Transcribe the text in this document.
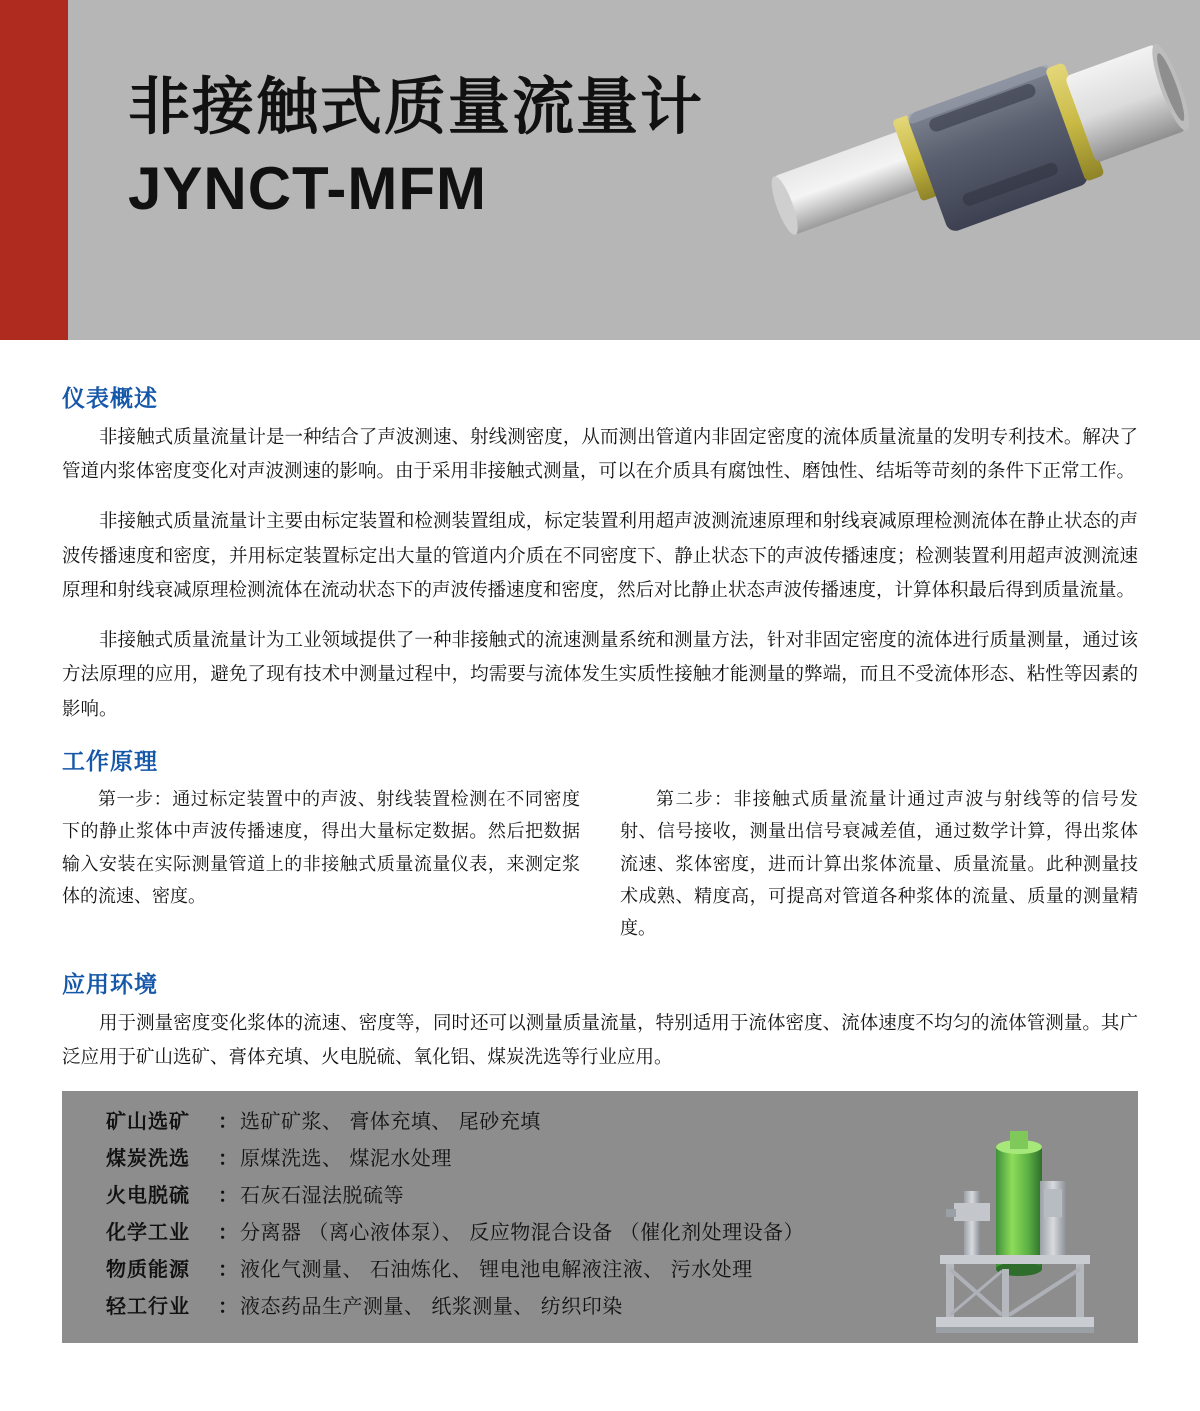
非接触式质量流量计
JYNCT-MFM
仪表概述

非接触式质量流量计是一种结合了声波测速、射线测密度，从而测出管道内非固定密度的流体质量流量的发明专利技术。解决了管道内浆体密度变化对声波测速的影响。由于采用非接触式测量，可以在介质具有腐蚀性、磨蚀性、结垢等苛刻的条件下正常工作。

非接触式质量流量计主要由标定装置和检测装置组成，标定装置利用超声波测流速原理和射线衰减原理检测流体在静止状态的声波传播速度和密度，并用标定装置标定出大量的管道内介质在不同密度下、静止状态下的声波传播速度；检测装置利用超声波测流速原理和射线衰减原理检测流体在流动状态下的声波传播速度和密度，然后对比静止状态声波传播速度，计算体积最后得到质量流量。

非接触式质量流量计为工业领域提供了一种非接触式的流速测量系统和测量方法，针对非固定密度的流体进行质量测量，通过该方法原理的应用，避免了现有技术中测量过程中，均需要与流体发生实质性接触才能测量的弊端，而且不受流体形态、粘性等因素的影响。

工作原理

第一步：通过标定装置中的声波、射线装置检测在不同密度下的静止浆体中声波传播速度，得出大量标定数据。然后把数据输入安装在实际测量管道上的非接触式质量流量仪表，来测定浆体的流速、密度。

第二步：非接触式质量流量计通过声波与射线等的信号发射、信号接收，测量出信号衰减差值，通过数学计算，得出浆体流速、浆体密度，进而计算出浆体流量、质量流量。此种测量技术成熟、精度高，可提高对管道各种浆体的流量、质量的测量精度。

应用环境

用于测量密度变化浆体的流速、密度等，同时还可以测量质量流量，特别适用于流体密度、流体速度不均匀的流体管测量。其广泛应用于矿山选矿、膏体充填、火电脱硫、氧化铝、煤炭洗选等行业应用。

矿山选矿	： 选矿矿浆、 膏体充填、 尾砂充填
煤炭洗选	： 原煤洗选、 煤泥水处理
火电脱硫	： 石灰石湿法脱硫等
化学工业	： 分离器 （离心液体泵）、 反应物混合设备 （催化剂处理设备）
物质能源	： 液化气测量、 石油炼化、 锂电池电解液注液、 污水处理
轻工行业	： 液态药品生产测量、 纸浆测量、 纺织印染
